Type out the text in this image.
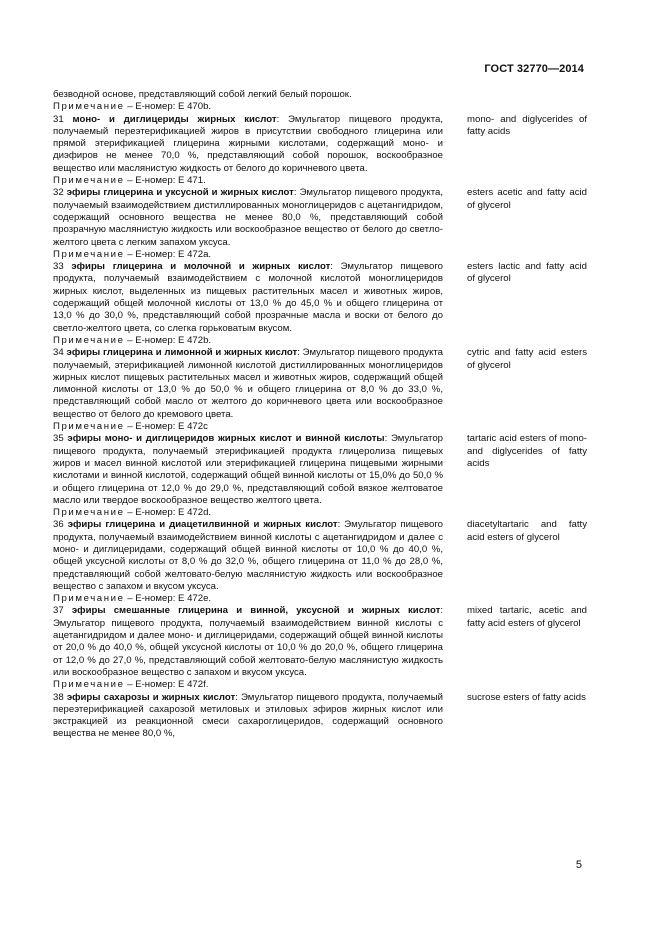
ГОСТ 32770—2014
безводной основе, представляющий собой легкий белый порошок.
Примечание – Е-номер: Е 470b.
31 моно- и диглицериды жирных кислот: Эмульгатор пищевого продукта, получаемый переэтерификацией жиров в присутствии свободного глицерина или прямой этерификацией глицерина жирными кислотами, содержащий моно- и диэфиров не менее 70,0 %, представляющий собой порошок, воскообразное вещество или маслянистую жидкость от белого до коричневого цвета.
Примечание – Е-номер: Е 471.
mono- and diglycerides of fatty acids
32 эфиры глицерина и уксусной и жирных кислот: Эмульгатор пищевого продукта, получаемый взаимодействием дистиллированных моноглицеридов с ацетангидридом, содержащий основного вещества не менее 80,0 %, представляющий собой прозрачную маслянистую жидкость или воскообразное вещество от белого до светло-желтого цвета с легким запахом уксуса.
Примечание – Е-номер: Е 472а.
esters acetic and fatty acid of glycerol
33 эфиры глицерина и молочной и жирных кислот: Эмульгатор пищевого продукта, получаемый взаимодействием с молочной кислотой моноглицеридов жирных кислот, выделенных из пищевых растительных масел и животных жиров, содержащий общей молочной кислоты от 13,0 % до 45,0 % и общего глицерина от 13,0 % до 30,0 %, представляющий собой прозрачные масла и воски от белого до светло-желтого цвета, со слегка горьковатым вкусом.
Примечание – Е-номер: Е 472b.
esters lactic and fatty acid of glycerol
34 эфиры глицерина и лимонной и жирных кислот: Эмульгатор пищевого продукта получаемый, этерификацией лимонной кислотой дистиллированных моноглицеридов жирных кислот пищевых растительных масел и животных жиров, содержащий общей лимонной кислоты от 13,0 % до 50,0 % и общего глицерина от 8,0 % до 33,0 %, представляющий собой масло от желтого до коричневого цвета или воскообразное вещество от белого до кремового цвета.
Примечание – Е-номер: Е 472c
cytric and fatty acid esters of glycerol
35 эфиры моно- и диглицеридов жирных кислот и винной кислоты: Эмульгатор пищевого продукта, получаемый этерификацией продукта глицеролиза пищевых жиров и масел винной кислотой или этерификацией глицерина пищевыми жирными кислотами и винной кислотой, содержащий общей винной кислоты от 15,0% до 50,0 % и общего глицерина от 12,0 % до 29,0 %, представляющий собой вязкое желтоватое масло или твердое воскообразное вещество желтого цвета.
Примечание – Е-номер: Е 472d.
tartaric acid esters of mono- and diglycerides of fatty acids
36 эфиры глицерина и диацетилвинной и жирных кислот: Эмульгатор пищевого продукта, получаемый взаимодействием винной кислоты с ацетангидридом и далее с моно- и диглицеридами, содержащий общей винной кислоты от 10,0 % до 40,0 %, общей уксусной кислоты от 8,0 % до 32,0 %, общего глицерина от 11,0 % до 28,0 %, представляющий собой желтовато-белую маслянистую жидкость или воскообразное вещество с запахом и вкусом уксуса.
Примечание – Е-номер: Е 472e.
diacetyltartaric and fatty acid esters of glycerol
37 эфиры смешанные глицерина и винной, уксусной и жирных кислот: Эмульгатор пищевого продукта, получаемый взаимодействием винной кислоты с ацетангидридом и далее моно- и диглицеридами, содержащий общей винной кислоты от 20,0 % до 40,0 %, общей уксусной кислоты от 10,0 % до 20,0 %, общего глицерина от 12,0 % до 27,0 %, представляющий собой желтовато-белую маслянистую жидкость или воскообразное вещество с запахом и вкусом уксуса.
Примечание – Е-номер: Е 472f.
mixed tartaric, acetic and fatty acid esters of glycerol
38 эфиры сахарозы и жирных кислот: Эмульгатор пищевого продукта, получаемый переэтерификацией сахарозой метиловых и этиловых эфиров жирных кислот или экстракцией из реакционной смеси сахароглицеридов, содержащий основного вещества не менее 80,0 %,
sucrose esters of fatty acids
5
